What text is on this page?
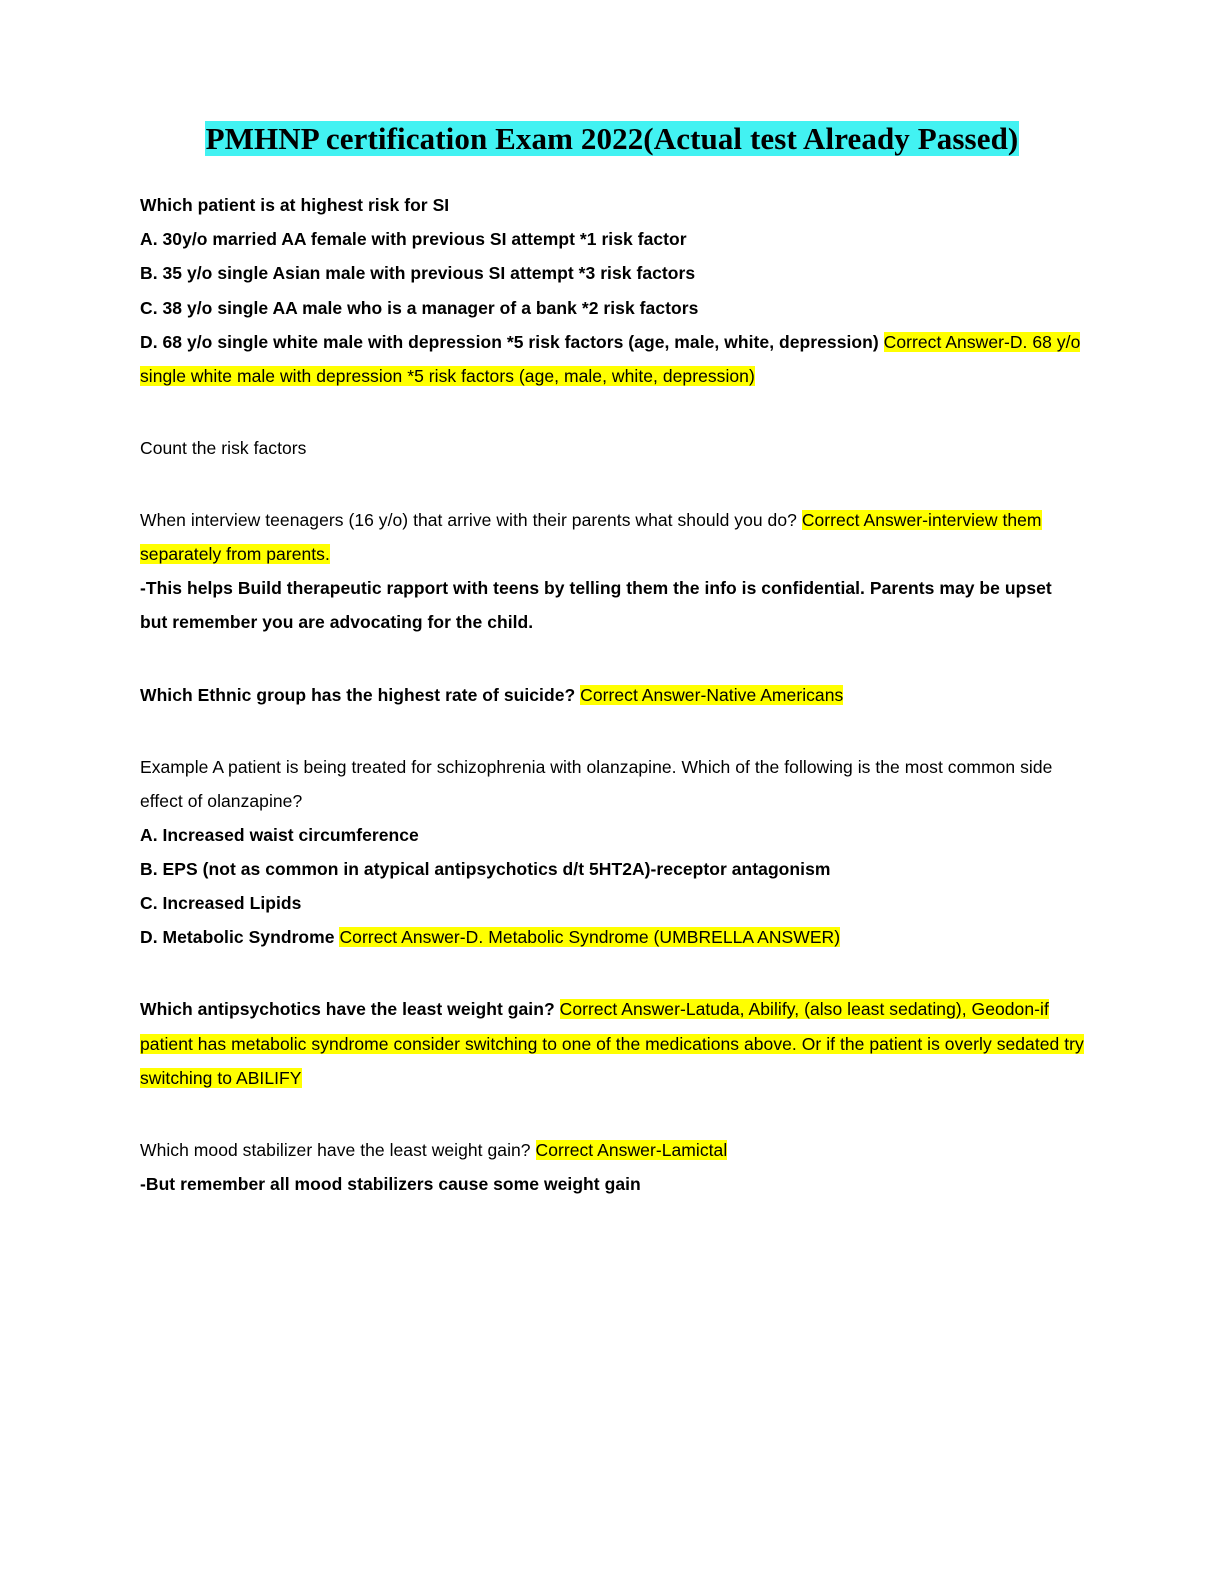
PMHNP certification Exam 2022(Actual test Already Passed)

Which patient is at highest risk for SI

A. 30y/o married AA female with previous SI attempt *1 risk factor

B. 35 y/o single Asian male with previous SI attempt *3 risk factors

C. 38 y/o single AA male who is a manager of a bank *2 risk factors

D. 68 y/o single white male with depression *5 risk factors (age, male, white, depression) Correct Answer-D. 68 y/o single white male with depression *5 risk factors (age, male, white, depression)

Count the risk factors

When interview teenagers (16 y/o) that arrive with their parents what should you do? Correct Answer-interview them separately from parents.

-This helps Build therapeutic rapport with teens by telling them the info is confidential. Parents may be upset but remember you are advocating for the child.

Which Ethnic group has the highest rate of suicide? Correct Answer-Native Americans

Example A patient is being treated for schizophrenia with olanzapine. Which of the following is the most common side effect of olanzapine?

A. Increased waist circumference

B. EPS (not as common in atypical antipsychotics d/t 5HT2A)-receptor antagonism

C. Increased Lipids

D. Metabolic Syndrome Correct Answer-D. Metabolic Syndrome (UMBRELLA ANSWER)

Which antipsychotics have the least weight gain? Correct Answer-Latuda, Abilify, (also least sedating), Geodon-if patient has metabolic syndrome consider switching to one of the medications above. Or if the patient is overly sedated try switching to ABILIFY

Which mood stabilizer have the least weight gain? Correct Answer-Lamictal

-But remember all mood stabilizers cause some weight gain
